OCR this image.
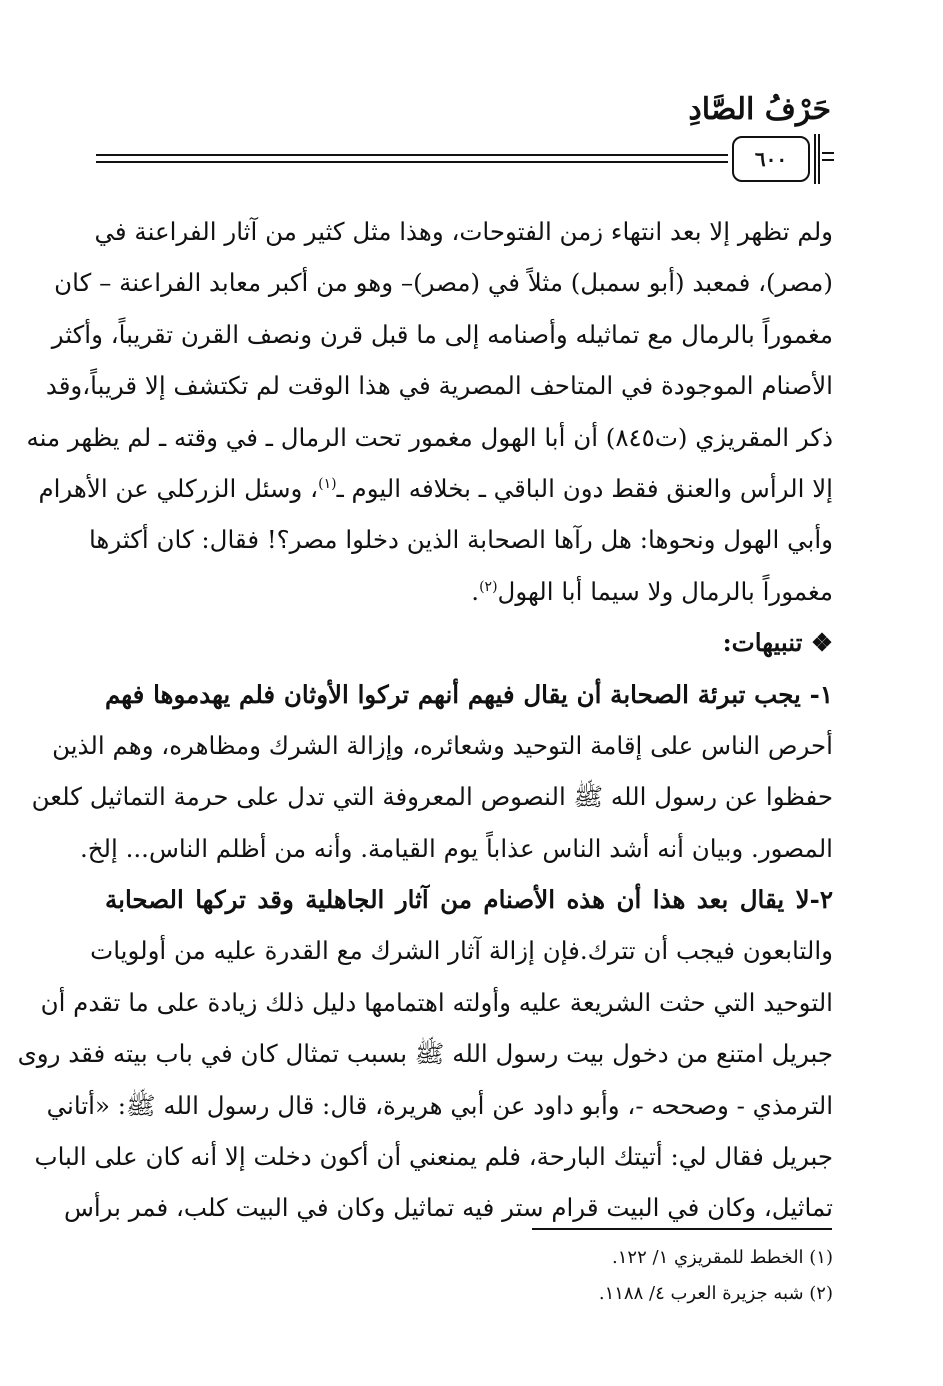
حَرْفُ الصَّادِ
٦٠٠
ولم تظهر إلا بعد انتهاء زمن الفتوحات، وهذا مثل كثير من آثار الفراعنة في
(مصر)، فمعبد (أبو سمبل) مثلاً في (مصر)– وهو من أكبر معابد الفراعنة – كان
مغموراً بالرمال مع تماثيله وأصنامه إلى ما قبل قرن ونصف القرن تقريباً، وأكثر
الأصنام الموجودة في المتاحف المصرية في هذا الوقت لم تكتشف إلا قريباً،وقد
ذكر المقريزي (ت٨٤٥) أن أبا الهول مغمور تحت الرمال ـ في وقته ـ لم يظهر منه
إلا الرأس والعنق فقط دون الباقي ـ بخلافه اليوم ـ$^{(١)}$، وسئل الزركلي عن الأهرام
وأبي الهول ونحوها: هل رآها الصحابة الذين دخلوا مصر؟! فقال: كان أكثرها
مغموراً بالرمال ولا سيما أبا الهول$^{(٢)}$.
❖ تنبيهات:
١- يجب تبرئة الصحابة أن يقال فيهم أنهم تركوا الأوثان فلم يهدموها فهم
أحرص الناس على إقامة التوحيد وشعائره، وإزالة الشرك ومظاهره، وهم الذين
حفظوا عن رسول الله ﷺ النصوص المعروفة التي تدل على حرمة التماثيل كلعن
المصور. وبيان أنه أشد الناس عذاباً يوم القيامة. وأنه من أظلم الناس... إلخ.
٢-لا يقال بعد هذا أن هذه الأصنام من آثار الجاهلية وقد تركها الصحابة
والتابعون فيجب أن تترك.فإن إزالة آثار الشرك مع القدرة عليه من أولويات
التوحيد التي حثت الشريعة عليه وأولته اهتمامها دليل ذلك زيادة على ما تقدم أن
جبريل امتنع من دخول بيت رسول الله ﷺ بسبب تمثال كان في باب بيته فقد روى
الترمذي - وصححه -، وأبو داود عن أبي هريرة، قال: قال رسول الله ﷺ: «أتاني
جبريل فقال لي: أتيتك البارحة، فلم يمنعني أن أكون دخلت إلا أنه كان على الباب
تماثيل، وكان في البيت قرام ستر فيه تماثيل وكان في البيت كلب، فمر برأس
(١) الخطط للمقريزي ١/ ١٢٢.
(٢) شبه جزيرة العرب ٤/ ١١٨٨.
